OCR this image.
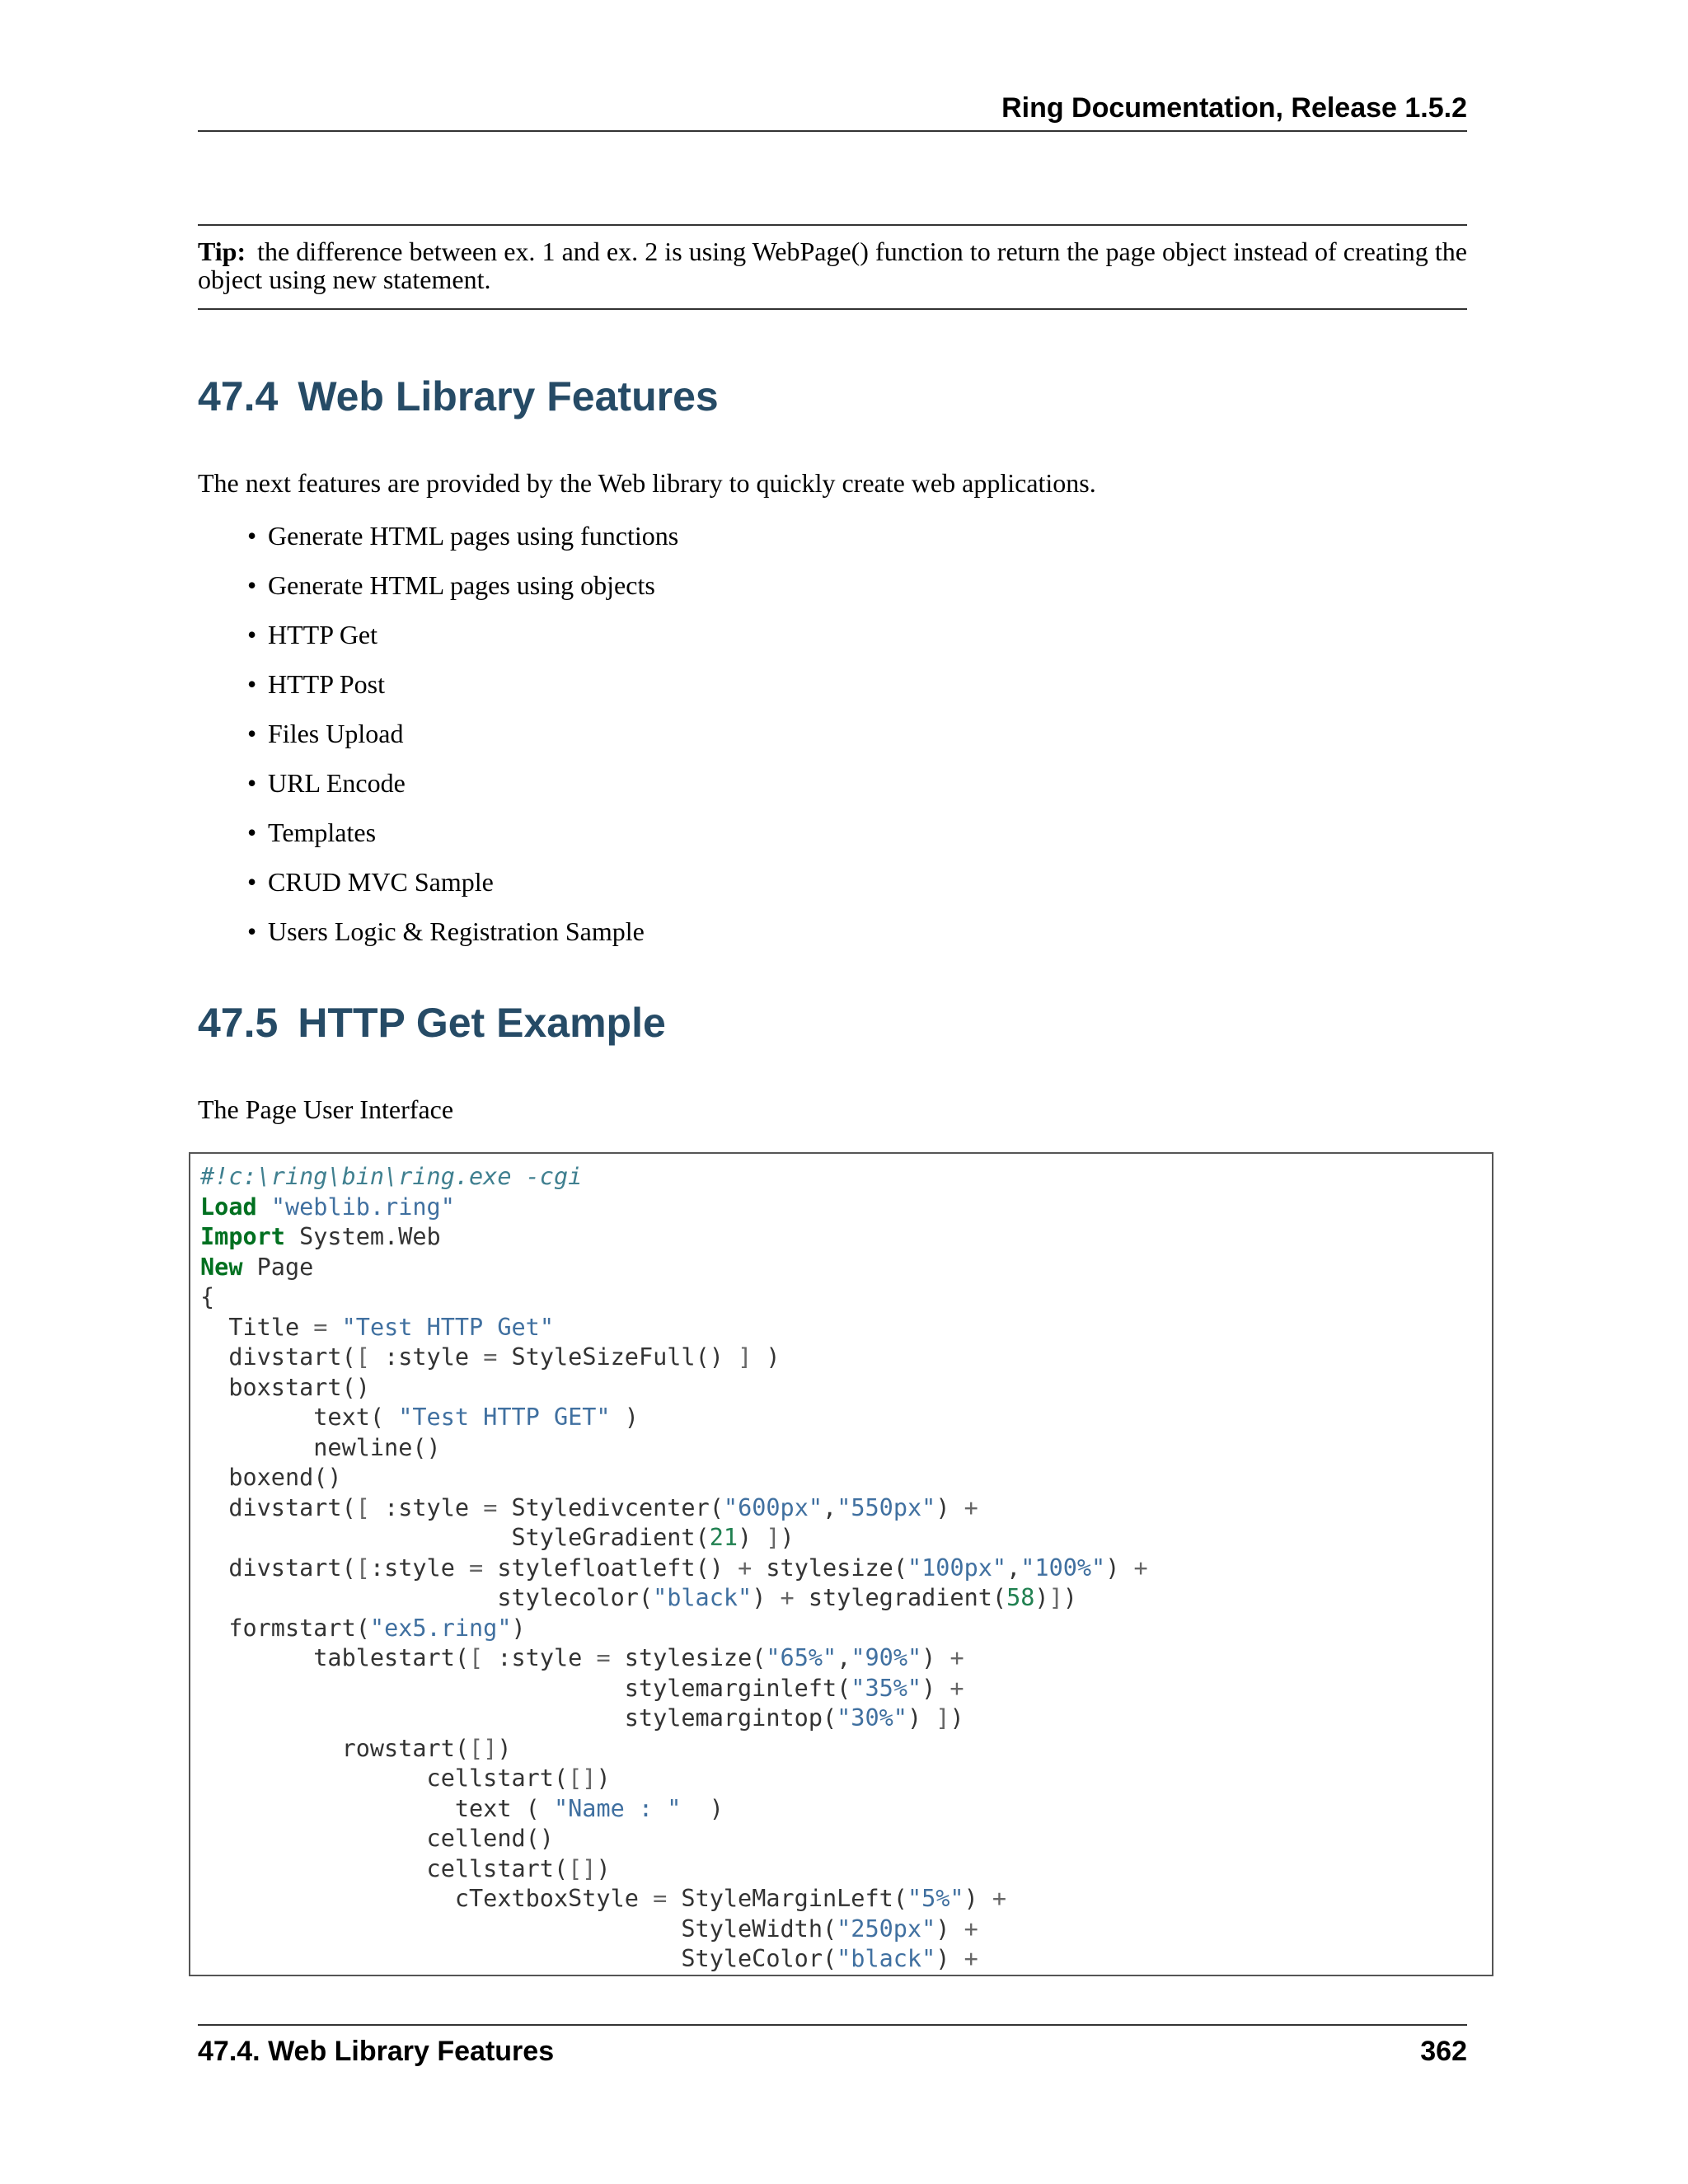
Ring Documentation, Release 1.5.2
Tip: the difference between ex. 1 and ex. 2 is using WebPage() function to return the page object instead of creating the object using new statement.
47.4 Web Library Features
The next features are provided by the Web library to quickly create web applications.
• Generate HTML pages using functions
• Generate HTML pages using objects
• HTTP Get
• HTTP Post
• Files Upload
• URL Encode
• Templates
• CRUD MVC Sample
• Users Logic & Registration Sample
47.5 HTTP Get Example
The Page User Interface
#!c:\ring\bin\ring.exe -cgi
Load "weblib.ring"
Import System.Web
New Page
{
Title = "Test HTTP Get"
divstart([ :style = StyleSizeFull() ] )
boxstart()
text( "Test HTTP GET" )
newline()
boxend()
divstart([ :style = Styledivcenter("600px","550px") +
StyleGradient(21) ])
divstart([:style = stylefloatleft() + stylesize("100px","100%") +
stylecolor("black") + stylegradient(58)])
formstart("ex5.ring")
tablestart([ :style = stylesize("65%","90%") +
stylemarginleft("35%") +
stylemargintop("30%") ])
rowstart([])
cellstart([])
text ( "Name : "  )
cellend()
cellstart([])
cTextboxStyle = StyleMarginLeft("5%") +
StyleWidth("250px") +
StyleColor("black") +
47.4. Web Library Features	362
